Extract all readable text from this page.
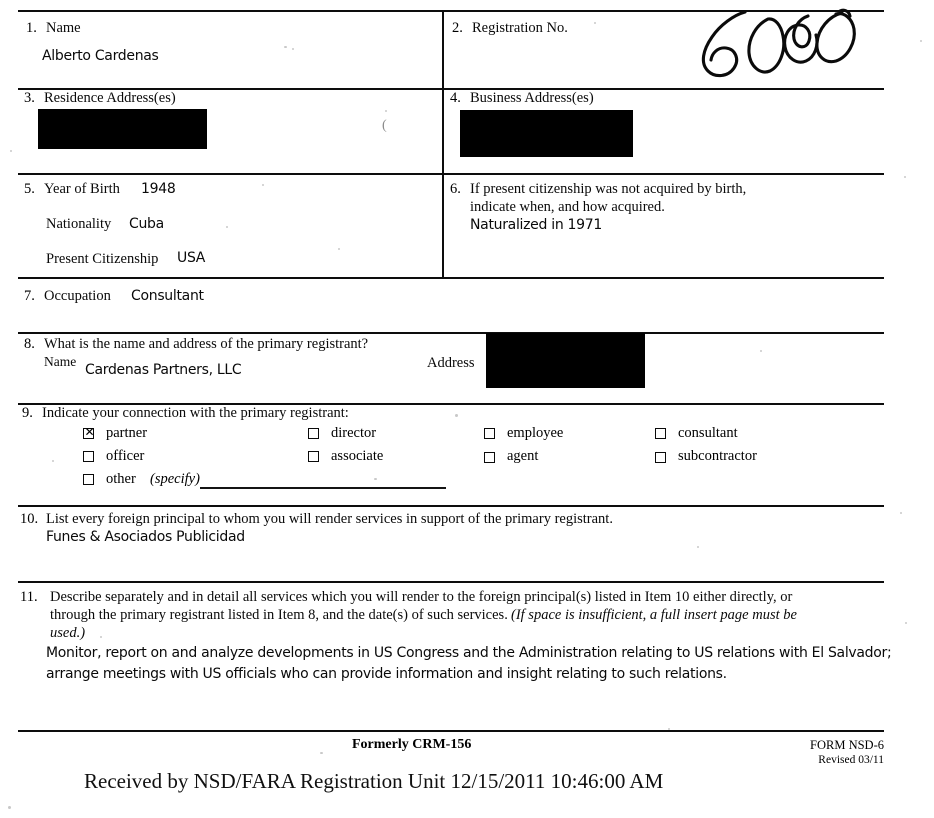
1. Name
Alberto Cardenas
2. Registration No.
3. Residence Address(es)
(
4. Business Address(es)
5. Year of Birth 1948
Nationality Cuba
Present Citizenship USA
6. If present citizenship was not acquired by birth,
indicate when, and how acquired.
Naturalized in 1971
7. Occupation Consultant
8. What is the name and address of the primary registrant?
Name
Cardenas Partners, LLC	Address
9. Indicate your connection with the primary registrant:
✕ partner
officer
other (specify)
director
associate
employee
agent
consultant
subcontractor
10. List every foreign principal to whom you will render services in support of the primary registrant.
Funes & Asociados Publicidad
11. Describe separately and in detail all services which you will render to the foreign principal(s) listed in Item 10 either directly, or
through the primary registrant listed in Item 8, and the date(s) of such services. (If space is insufficient, a full insert page must be
used.)
Monitor, report on and analyze developments in US Congress and the Administration relating to US relations with El Salvador;
arrange meetings with US officials who can provide information and insight relating to such relations.
Formerly CRM-156	FORM NSD-6
Revised 03/11
Received by NSD/FARA Registration Unit 12/15/2011 10:46:00 AM
